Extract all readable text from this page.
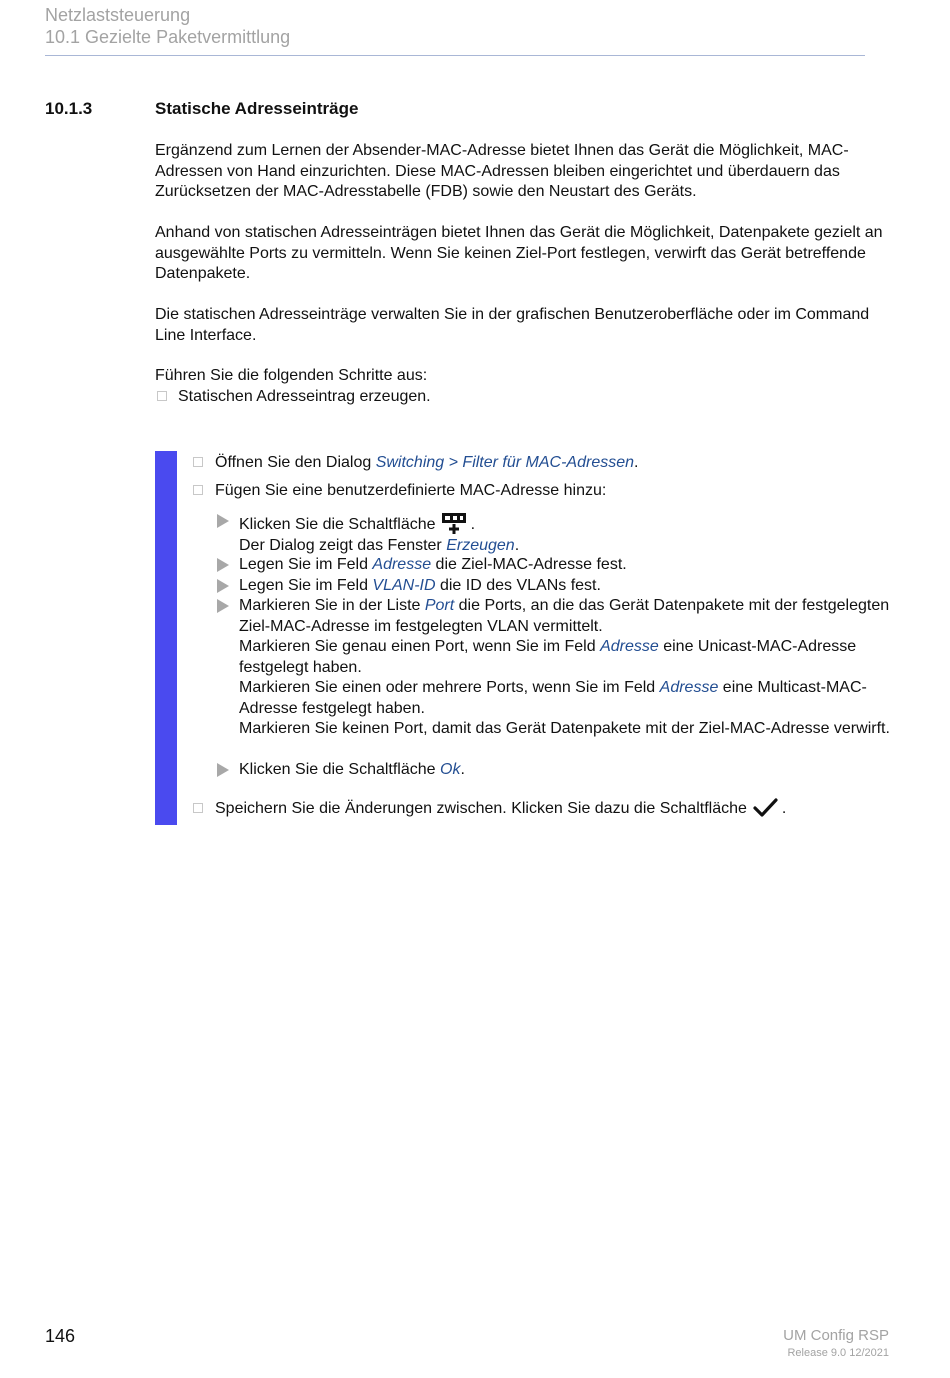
Netzlaststeuerung
10.1 Gezielte Paketvermittlung
10.1.3	Statische Adresseinträge
Ergänzend zum Lernen der Absender-MAC-Adresse bietet Ihnen das Gerät die Möglichkeit, MAC-Adressen von Hand einzurichten. Diese MAC-Adressen bleiben eingerichtet und überdauern das Zurücksetzen der MAC-Adresstabelle (FDB) sowie den Neustart des Geräts.
Anhand von statischen Adresseinträgen bietet Ihnen das Gerät die Möglichkeit, Datenpakete gezielt an ausgewählte Ports zu vermitteln. Wenn Sie keinen Ziel-Port festlegen, verwirft das Gerät betreffende Datenpakete.
Die statischen Adresseinträge verwalten Sie in der grafischen Benutzeroberfläche oder im Command Line Interface.
Führen Sie die folgenden Schritte aus:
Statischen Adresseintrag erzeugen.
Öffnen Sie den Dialog Switching > Filter für MAC-Adressen.
Fügen Sie eine benutzerdefinierte MAC-Adresse hinzu:
Klicken Sie die Schaltfläche .
Der Dialog zeigt das Fenster Erzeugen.
Legen Sie im Feld Adresse die Ziel-MAC-Adresse fest.
Legen Sie im Feld VLAN-ID die ID des VLANs fest.
Markieren Sie in der Liste Port die Ports, an die das Gerät Datenpakete mit der festgelegten Ziel-MAC-Adresse im festgelegten VLAN vermittelt.
Markieren Sie genau einen Port, wenn Sie im Feld Adresse eine Unicast-MAC-Adresse festgelegt haben.
Markieren Sie einen oder mehrere Ports, wenn Sie im Feld Adresse eine Multicast-MAC-Adresse festgelegt haben.
Markieren Sie keinen Port, damit das Gerät Datenpakete mit der Ziel-MAC-Adresse verwirft.
Klicken Sie die Schaltfläche Ok.
Speichern Sie die Änderungen zwischen. Klicken Sie dazu die Schaltfläche .
146	UM Config RSP
Release 9.0 12/2021
